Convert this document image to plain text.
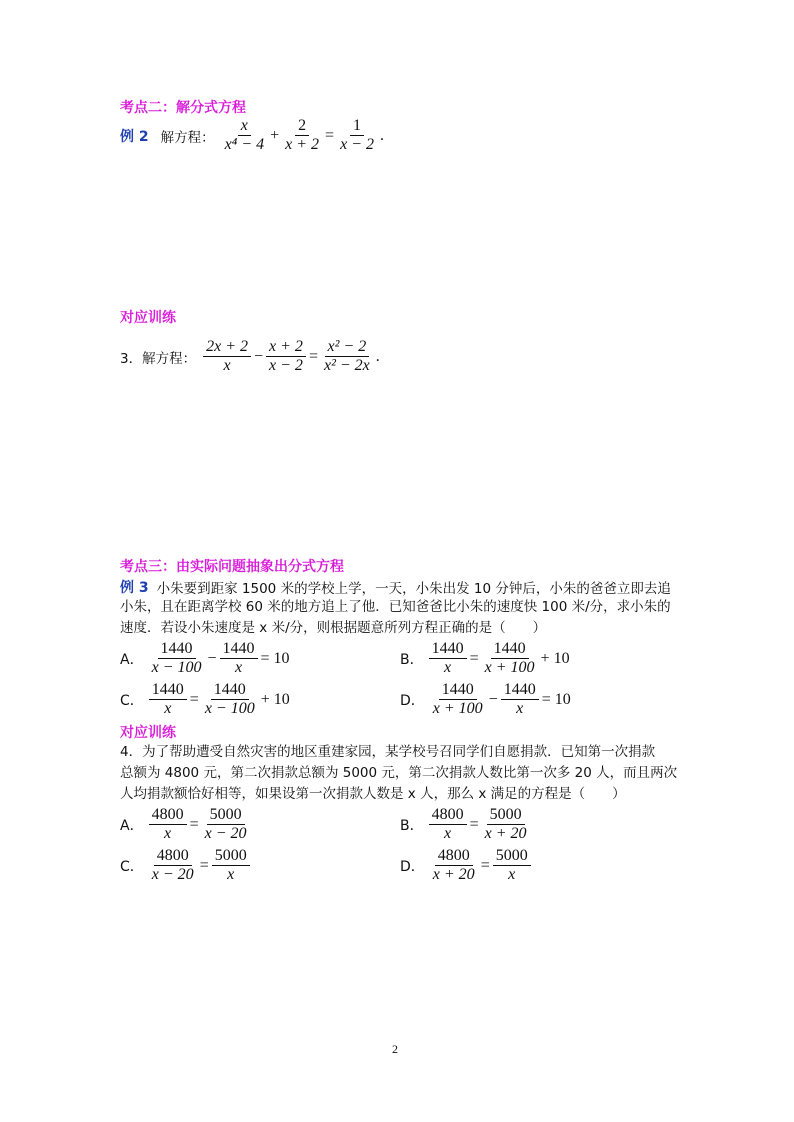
考点二：解分式方程
例 2 解方程： $\frac{x}{\text{x⁴ − 4}} + \frac{2}{x + 2} = \frac{1}{x - 2}$ .
对应训练
3．解方程： $\frac{2x + 2}{x} - \frac{x + 2}{x - 2} = \frac{\text{x² − 2}}{\text{x² − 2x}}$ .
考点三：由实际问题抽象出分式方程
例 3 小朱要到距家 1500 米的学校上学，一天，小朱出发 10 分钟后，小朱的爸爸立即去追
小朱，且在距离学校 60 米的地方追上了他．已知爸爸比小朱的速度快 100 米/分，求小朱的
速度．若设小朱速度是 x 米/分，则根据题意所列方程正确的是（　　）
A． $\frac{1440}{x - 100} - \frac{1440}{x} = 10$	B． $\frac{1440}{x} = \frac{1440}{x + 100} + 10$
C． $\frac{1440}{x} = \frac{1440}{x - 100} + 10$	D． $\frac{1440}{x + 100} - \frac{1440}{x} = 10$
对应训练
4．为了帮助遭受自然灾害的地区重建家园，某学校号召同学们自愿捐款．已知第一次捐款
总额为 4800 元，第二次捐款总额为 5000 元，第二次捐款人数比第一次多 20 人，而且两次
人均捐款额恰好相等，如果设第一次捐款人数是 x 人，那么 x 满足的方程是（　　）
A． $\frac{4800}{x} = \frac{5000}{x - 20}$	B． $\frac{4800}{x} = \frac{5000}{x + 20}$
C． $\frac{4800}{x - 20} = \frac{5000}{x}$	D． $\frac{4800}{x + 20} = \frac{5000}{x}$
2
